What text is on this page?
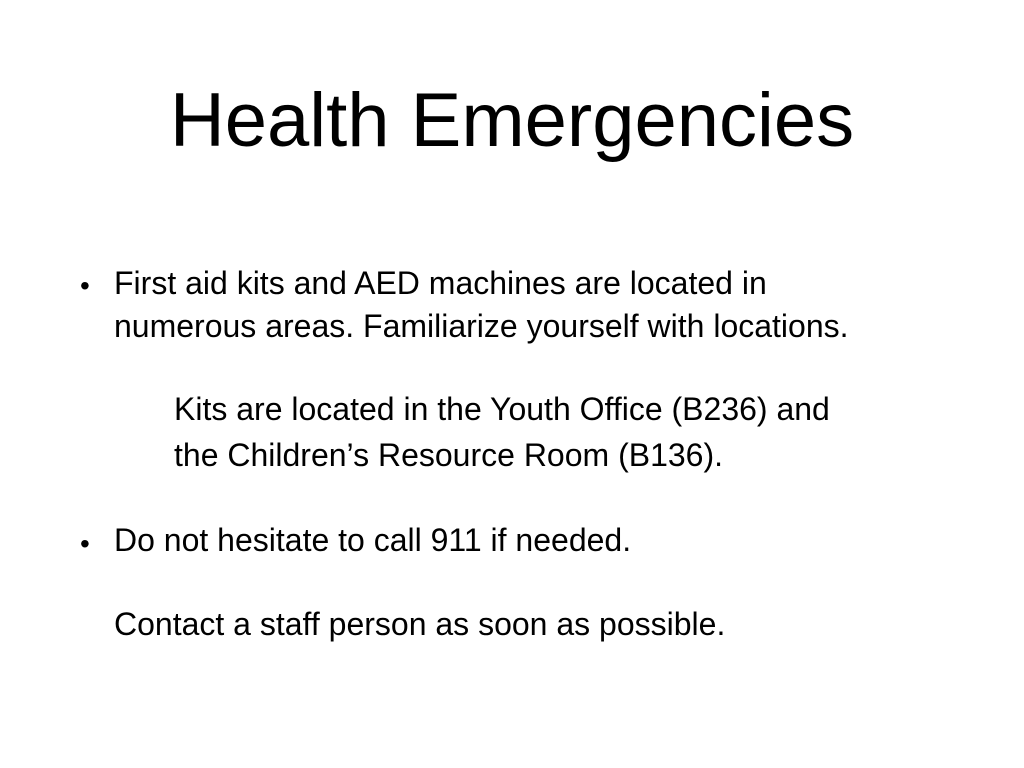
Health Emergencies
• First aid kits and AED machines are located in
numerous areas. Familiarize yourself with locations.
Kits are located in the Youth Office (B236) and
the Children’s Resource Room (B136).
• Do not hesitate to call 911 if needed.
Contact a staff person as soon as possible.
